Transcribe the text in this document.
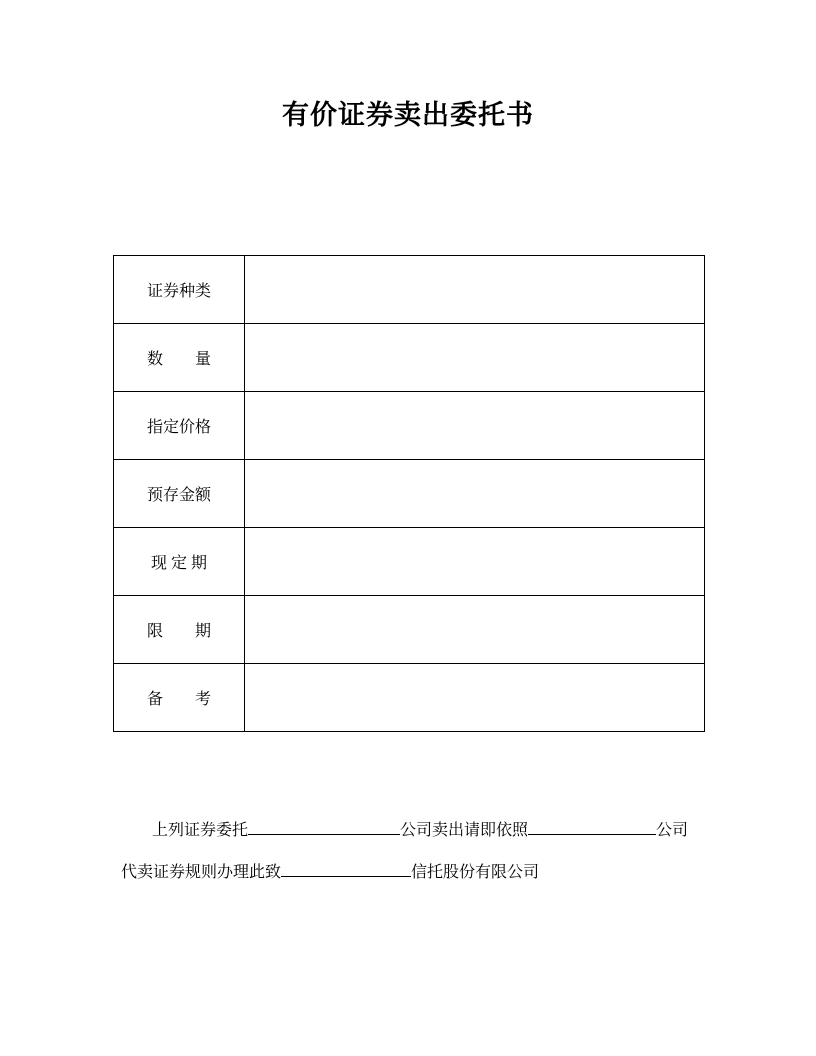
有价证券卖出委托书
证券种类	
数 量	
指定价格	
预存金额	
现定期	
限 期	
备 考	
上列证券委托	公司卖出请即依照	公司
代卖证券规则办理此致	信托股份有限公司
